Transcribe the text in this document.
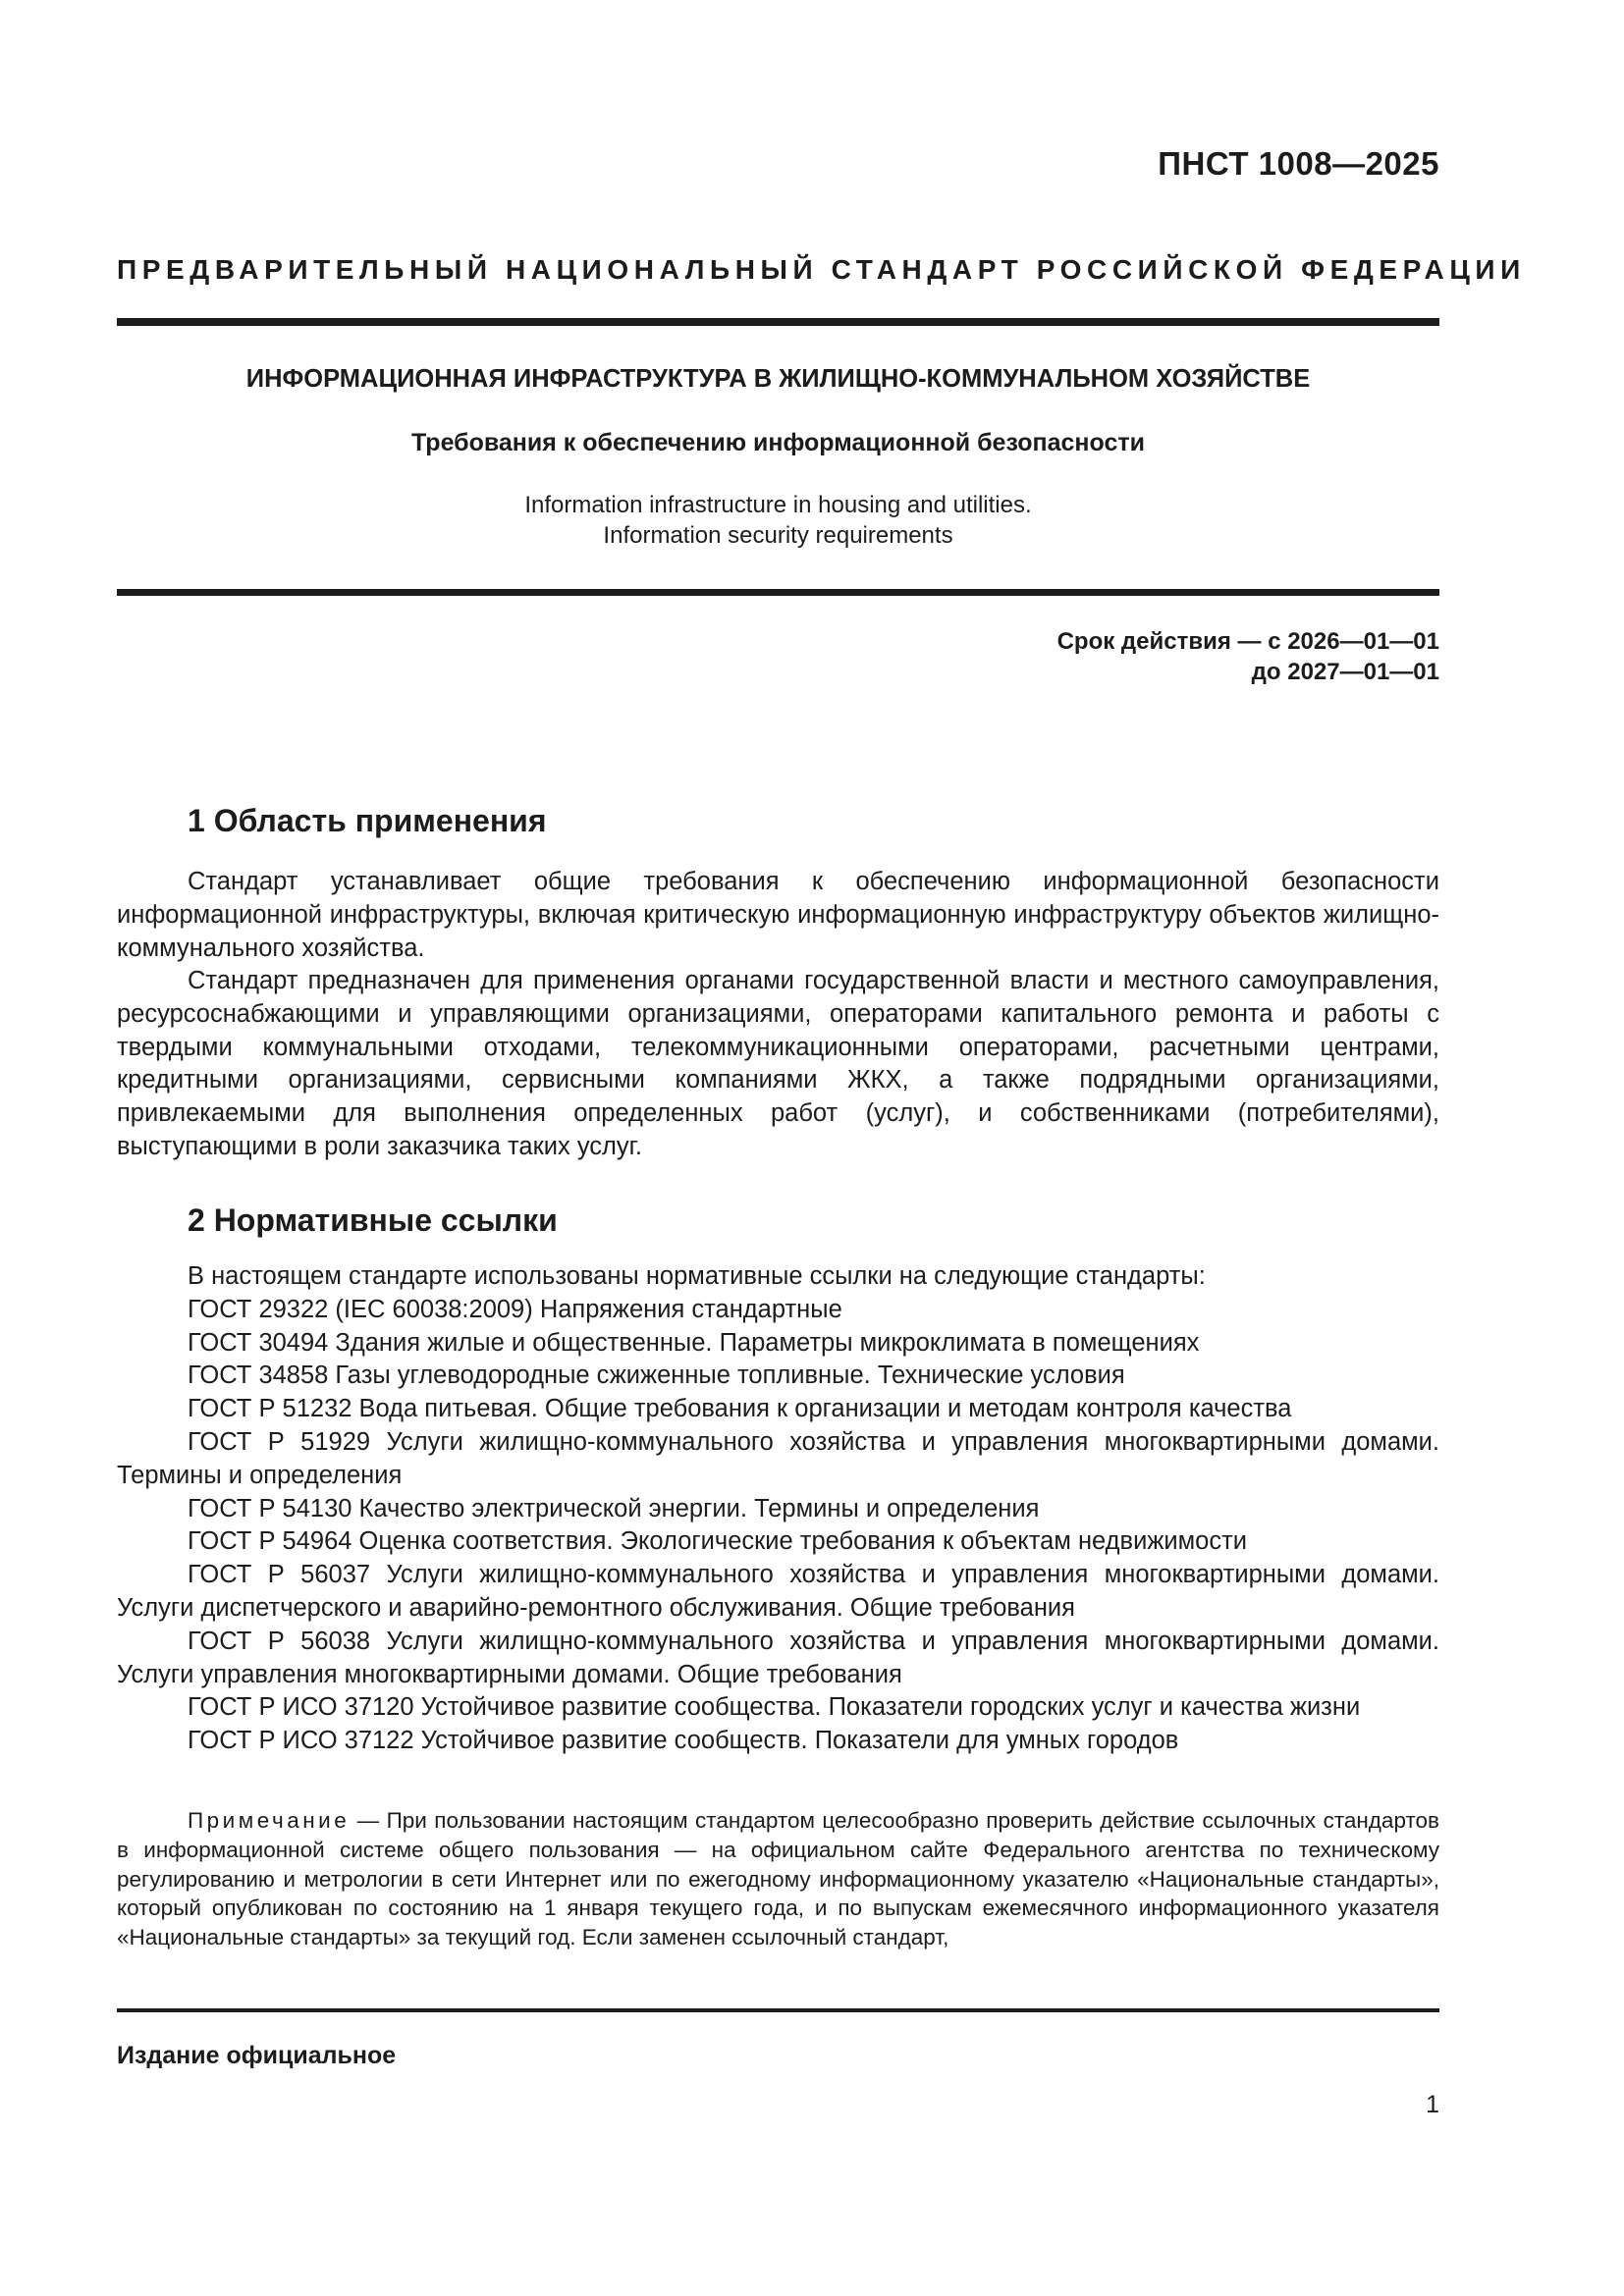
ПНСТ 1008—2025
ПРЕДВАРИТЕЛЬНЫЙ НАЦИОНАЛЬНЫЙ СТАНДАРТ РОССИЙСКОЙ ФЕДЕРАЦИИ
ИНФОРМАЦИОННАЯ ИНФРАСТРУКТУРА В ЖИЛИЩНО-КОММУНАЛЬНОМ ХОЗЯЙСТВЕ
Требования к обеспечению информационной безопасности
Information infrastructure in housing and utilities.
Information security requirements
Срок действия — с 2026—01—01
до 2027—01—01
1 Область применения

Стандарт устанавливает общие требования к обеспечению информационной безопасности информационной инфраструктуры, включая критическую информационную инфраструктуру объектов жилищно-коммунального хозяйства.

Стандарт предназначен для применения органами государственной власти и местного самоуправления, ресурсоснабжающими и управляющими организациями, операторами капитального ремонта и работы с твердыми коммунальными отходами, телекоммуникационными операторами, расчетными центрами, кредитными организациями, сервисными компаниями ЖКХ, а также подрядными организациями, привлекаемыми для выполнения определенных работ (услуг), и собственниками (потребителями), выступающими в роли заказчика таких услуг.

2 Нормативные ссылки

В настоящем стандарте использованы нормативные ссылки на следующие стандарты:

ГОСТ 29322 (IEC 60038:2009) Напряжения стандартные

ГОСТ 30494 Здания жилые и общественные. Параметры микроклимата в помещениях

ГОСТ 34858 Газы углеводородные сжиженные топливные. Технические условия

ГОСТ Р 51232 Вода питьевая. Общие требования к организации и методам контроля качества

ГОСТ Р 51929 Услуги жилищно-коммунального хозяйства и управления многоквартирными домами. Термины и определения

ГОСТ Р 54130 Качество электрической энергии. Термины и определения

ГОСТ Р 54964 Оценка соответствия. Экологические требования к объектам недвижимости

ГОСТ Р 56037 Услуги жилищно-коммунального хозяйства и управления многоквартирными домами. Услуги диспетчерского и аварийно-ремонтного обслуживания. Общие требования

ГОСТ Р 56038 Услуги жилищно-коммунального хозяйства и управления многоквартирными домами. Услуги управления многоквартирными домами. Общие требования

ГОСТ Р ИСО 37120 Устойчивое развитие сообщества. Показатели городских услуг и качества жизни

ГОСТ Р ИСО 37122 Устойчивое развитие сообществ. Показатели для умных городов

Примечание — При пользовании настоящим стандартом целесообразно проверить действие ссылочных стандартов в информационной системе общего пользования — на официальном сайте Федерального агентства по техническому регулированию и метрологии в сети Интернет или по ежегодному информационному указателю «Национальные стандарты», который опубликован по состоянию на 1 января текущего года, и по выпускам ежемесячного информационного указателя «Национальные стандарты» за текущий год. Если заменен ссылочный стандарт,

Издание официальное
1
